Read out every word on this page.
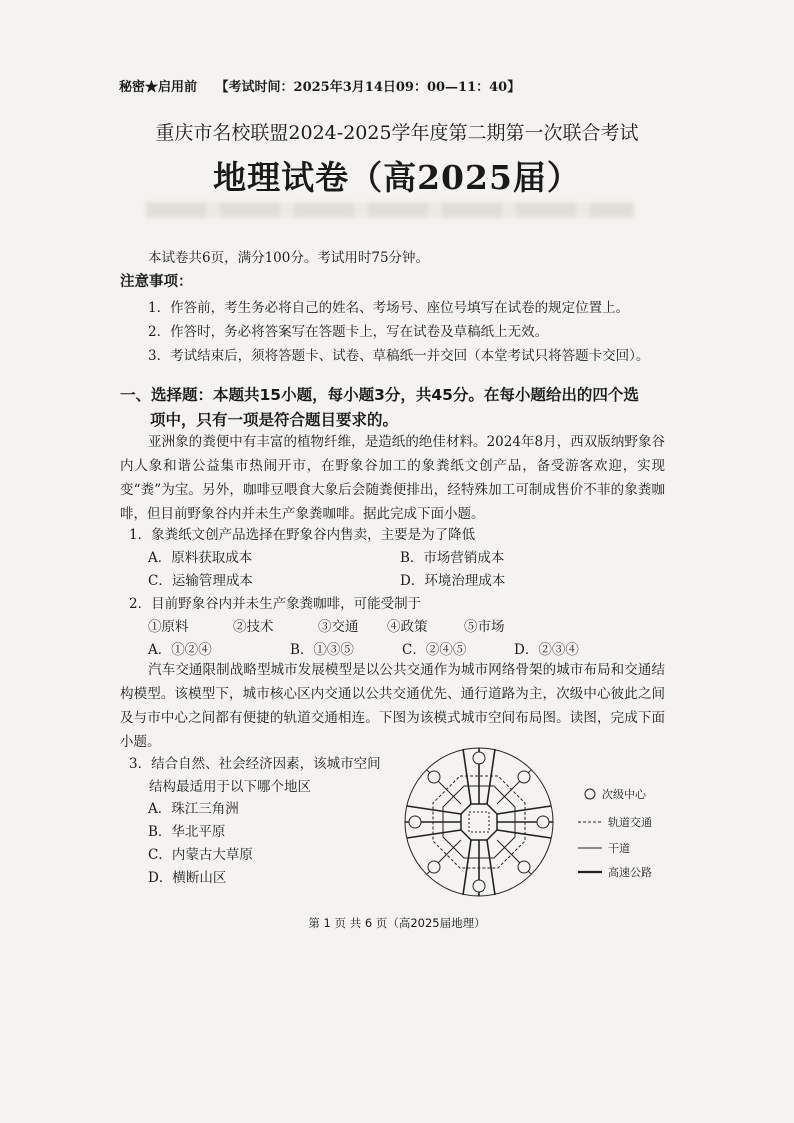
秘密★启用前 【考试时间：2025年3月14日09：00—11：40】
重庆市名校联盟2024-2025学年度第二期第一次联合考试
地理试卷（高2025届）
本试卷共6页，满分100分。考试用时75分钟。
注意事项：
1．作答前，考生务必将自己的姓名、考场号、座位号填写在试卷的规定位置上。
2．作答时，务必将答案写在答题卡上，写在试卷及草稿纸上无效。
3．考试结束后，须将答题卡、试卷、草稿纸一并交回（本堂考试只将答题卡交回）。
一、选择题：本题共15小题，每小题3分，共45分。在每小题给出的四个选
项中，只有一项是符合题目要求的。
亚洲象的粪便中有丰富的植物纤维，是造纸的绝佳材料。2024年8月，西双版纳野象谷内人象和谐公益集市热闹开市，在野象谷加工的象粪纸文创产品，备受游客欢迎，实现变“粪”为宝。另外，咖啡豆喂食大象后会随粪便排出，经特殊加工可制成售价不菲的象粪咖啡，但目前野象谷内并未生产象粪咖啡。据此完成下面小题。
1．象粪纸文创产品选择在野象谷内售卖，主要是为了降低
A．原料获取成本	B．市场营销成本
C．运输管理成本	D．环境治理成本
2．目前野象谷内并未生产象粪咖啡，可能受制于
①原料	②技术	③交通 ④政策	⑤市场
A．①②④	B．①③⑤	C．②④⑤	D．②③④
汽车交通限制战略型城市发展模型是以公共交通作为城市网络骨架的城市布局和交通结构模型。该模型下，城市核心区内交通以公共交通优先、通行道路为主，次级中心彼此之间及与市中心之间都有便捷的轨道交通相连。下图为该模式城市空间布局图。读图，完成下面小题。
3．结合自然、社会经济因素，该城市空间
结构最适用于以下哪个地区
A．珠江三角洲
B．华北平原
C．内蒙古大草原
D．横断山区
次级中心
轨道交通
干道
高速公路
第 1 页 共 6 页（高2025届地理）
